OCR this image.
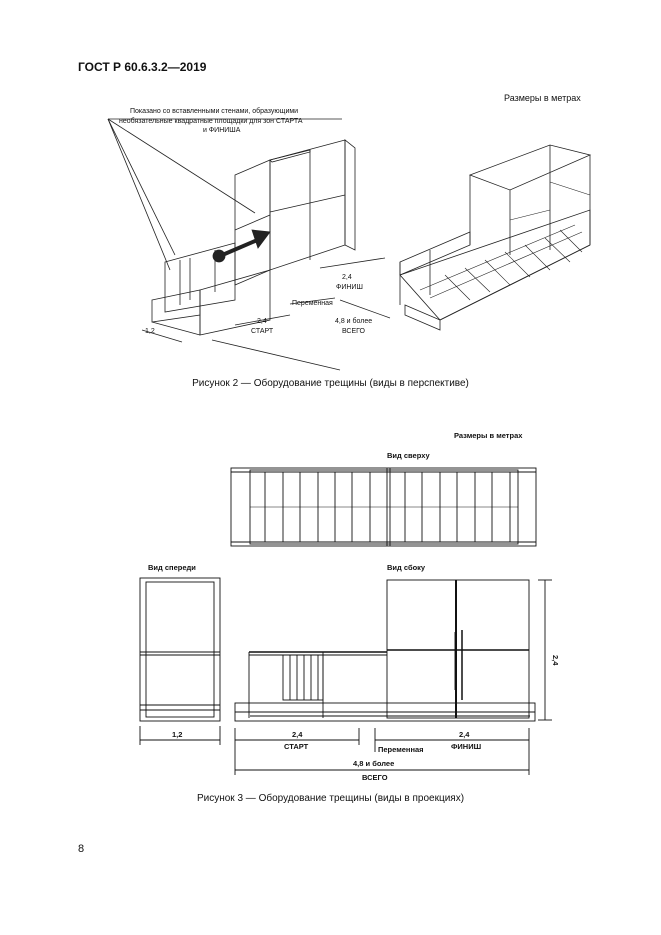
ГОСТ Р 60.6.3.2—2019
Размеры в метрах
Показано со вставленными стенами, образующими
необязательные квадратные площадки для зон СТАРТА
и ФИНИША
1,2
2,4
СТАРТ
2,4
ФИНИШ
Переменная
4,8 и более
ВСЕГО
Размеры в метрах
Вид сверху
Вид спереди	Вид сбоку
1,2
2,4
2,4
СТАРТ	Переменная
2,4
ФИНИШ
4,8 и более
ВСЕГО
Рисунок 2 — Оборудование трещины (виды в перспективе)
Рисунок 3 — Оборудование трещины (виды в проекциях)
8
